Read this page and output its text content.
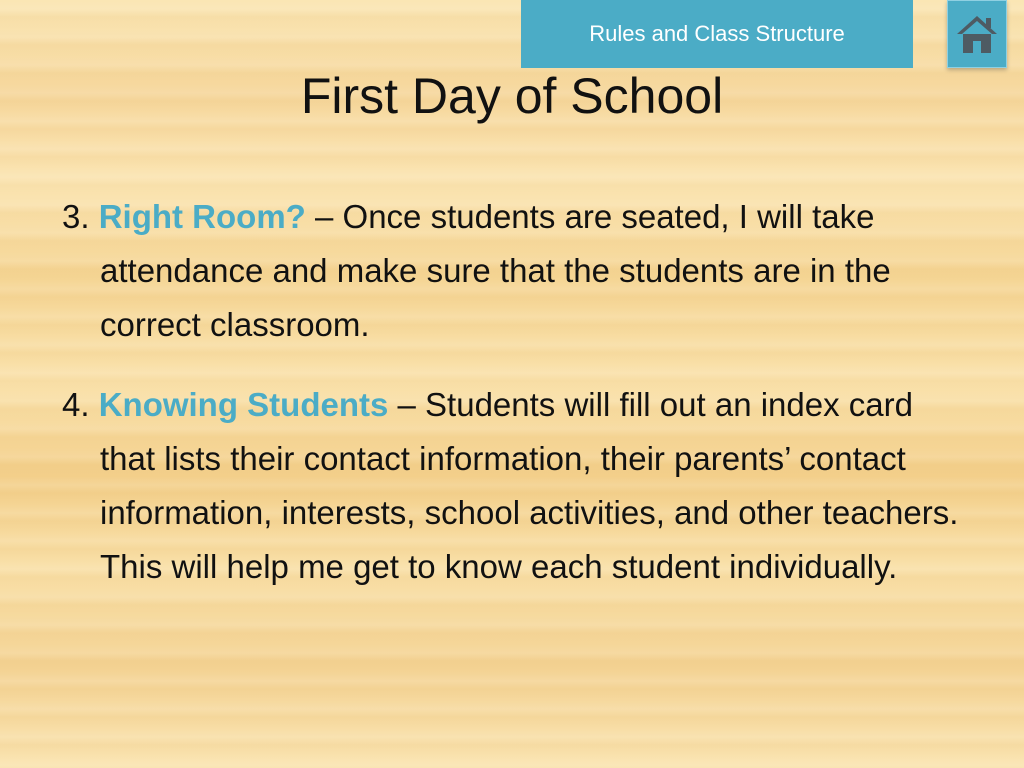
Rules and Class Structure
First Day of School

3. Right Room? – Once students are seated, I will take attendance and make sure that the students are in the correct classroom.

4. Knowing Students – Students will fill out an index card that lists their contact information, their parents’ contact information, interests, school activities, and other teachers. This will help me get to know each student individually.
